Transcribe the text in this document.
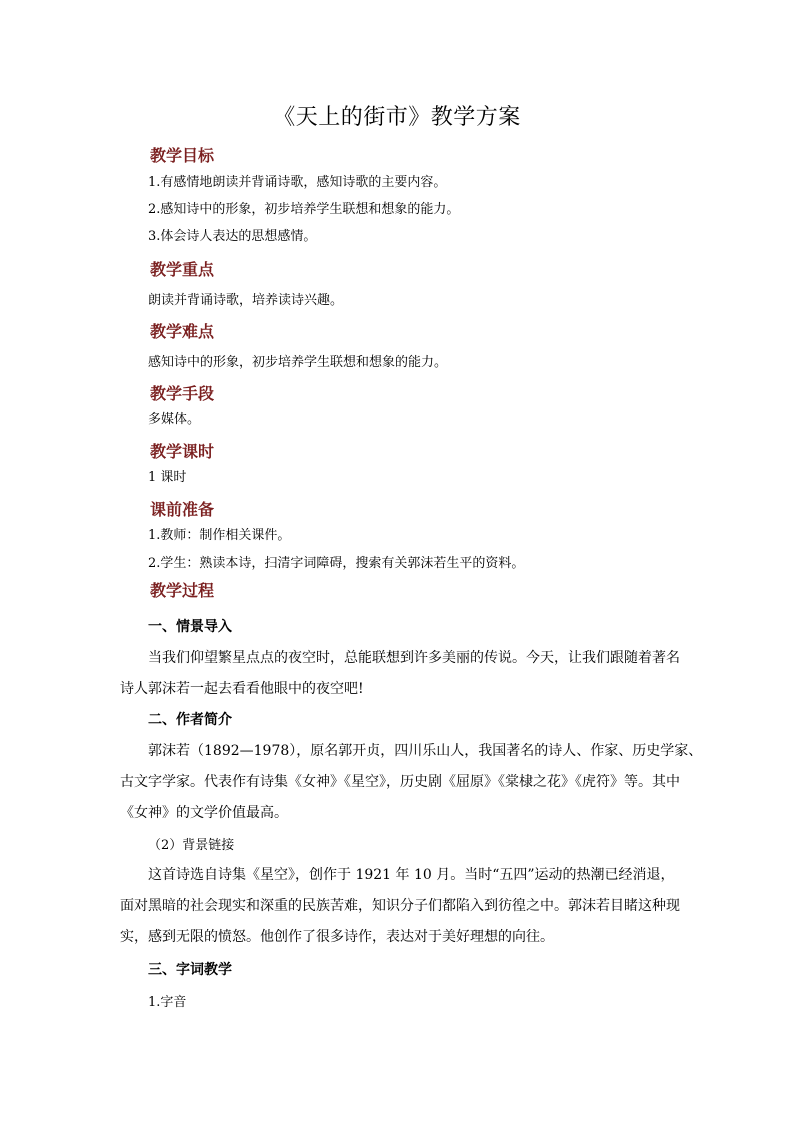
《天上的街市》教学方案
教学目标
1.有感情地朗读并背诵诗歌，感知诗歌的主要内容。
2.感知诗中的形象，初步培养学生联想和想象的能力。
3.体会诗人表达的思想感情。
教学重点
朗读并背诵诗歌，培养读诗兴趣。
教学难点
感知诗中的形象，初步培养学生联想和想象的能力。
教学手段
多媒体。
教学课时
1 课时
课前准备
1.教师：制作相关课件。
2.学生：熟读本诗，扫清字词障碍，搜索有关郭沫若生平的资料。
教学过程
一、情景导入
当我们仰望繁星点点的夜空时，总能联想到许多美丽的传说。今天，让我们跟随着著名
诗人郭沫若一起去看看他眼中的夜空吧!
二、作者简介
郭沫若（1892—1978），原名郭开贞，四川乐山人，我国著名的诗人、作家、历史学家、
古文字学家。代表作有诗集《女神》《星空》，历史剧《屈原》《棠棣之花》《虎符》等。其中
《女神》的文学价值最高。
（2）背景链接
这首诗选自诗集《星空》，创作于 1921 年 10 月。当时“五四”运动的热潮已经消退，
面对黑暗的社会现实和深重的民族苦难，知识分子们都陷入到彷徨之中。郭沫若目睹这种现
实，感到无限的愤怒。他创作了很多诗作，表达对于美好理想的向往。
三、字词教学
1.字音
